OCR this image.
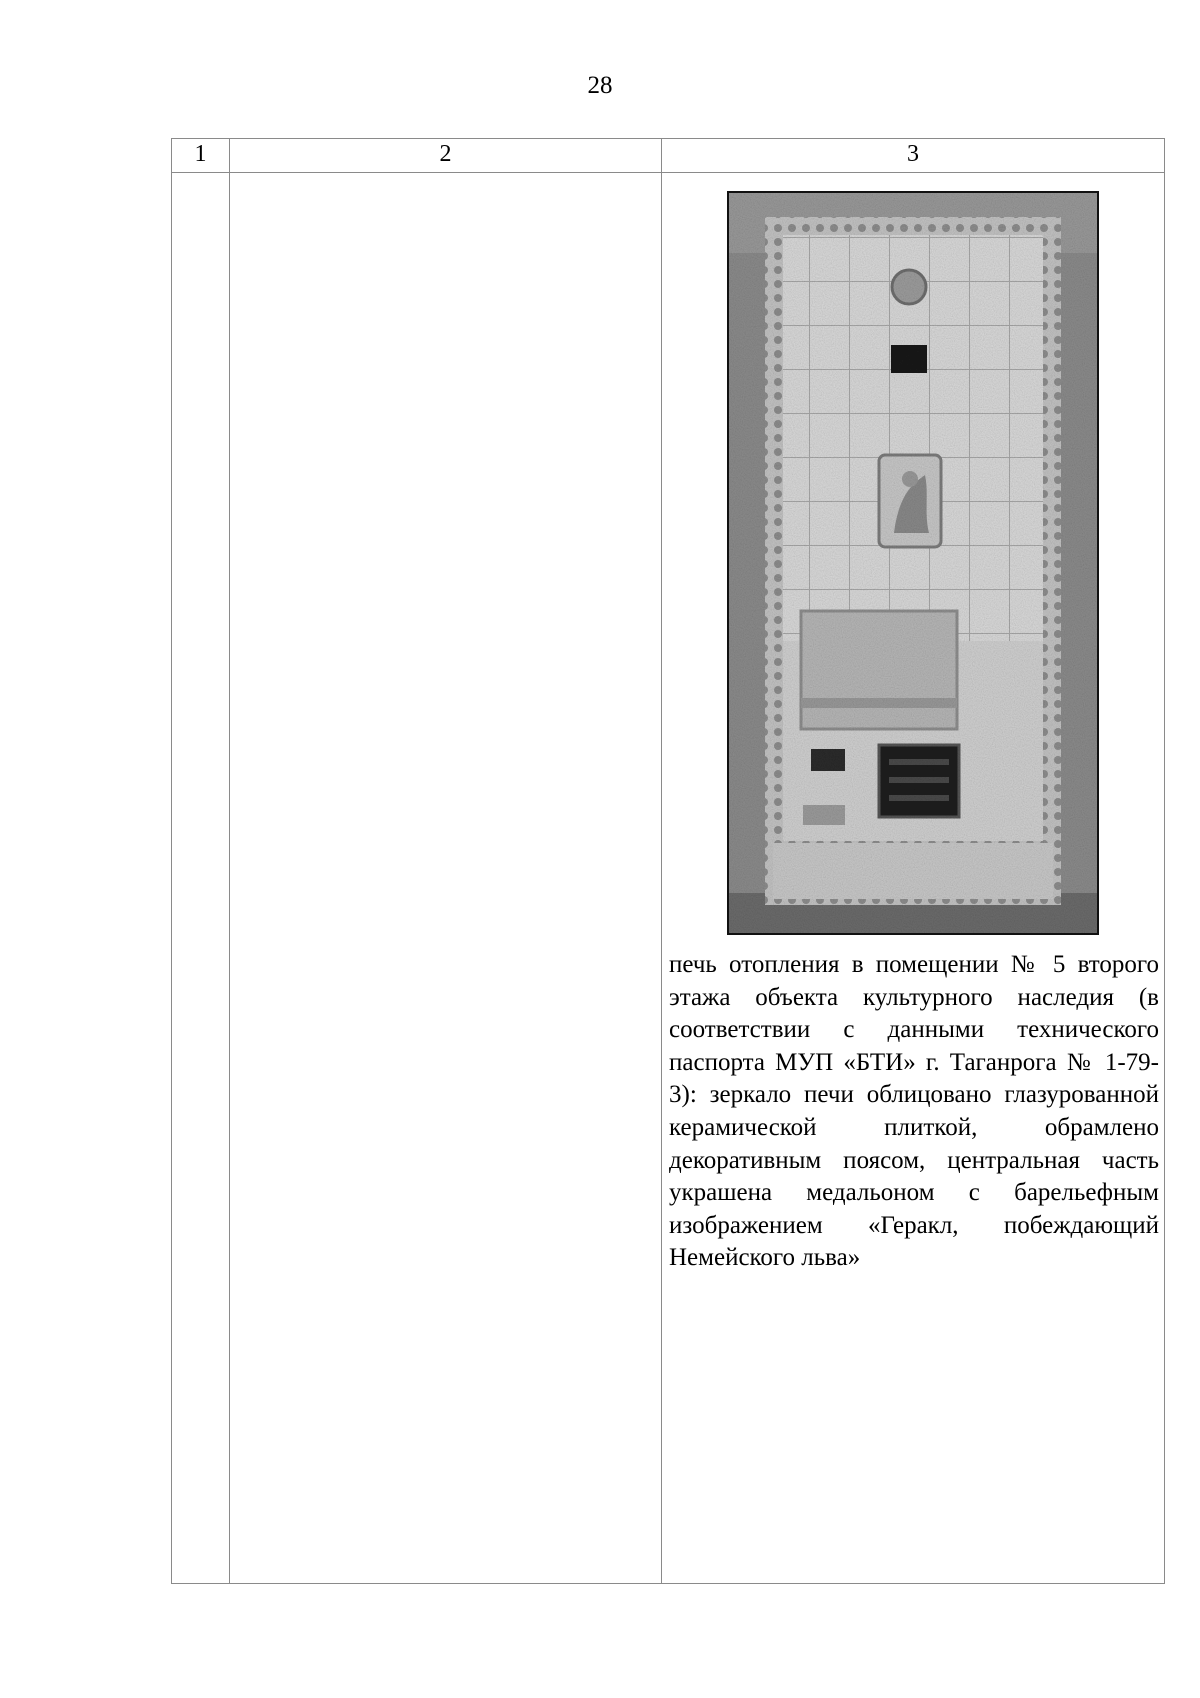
28
1	2	3

		печь отопления в помещении № 5 второго этажа объекта культурного наследия (в соответствии с данными технического паспорта МУП «БТИ» г. Таганрога № 1-79-3): зеркало печи облицовано глазурованной керамической плиткой, обрамлено декоративным поясом, центральная часть украшена медальоном с барельефным изображением «Геракл, побеждающий Немейского льва»
